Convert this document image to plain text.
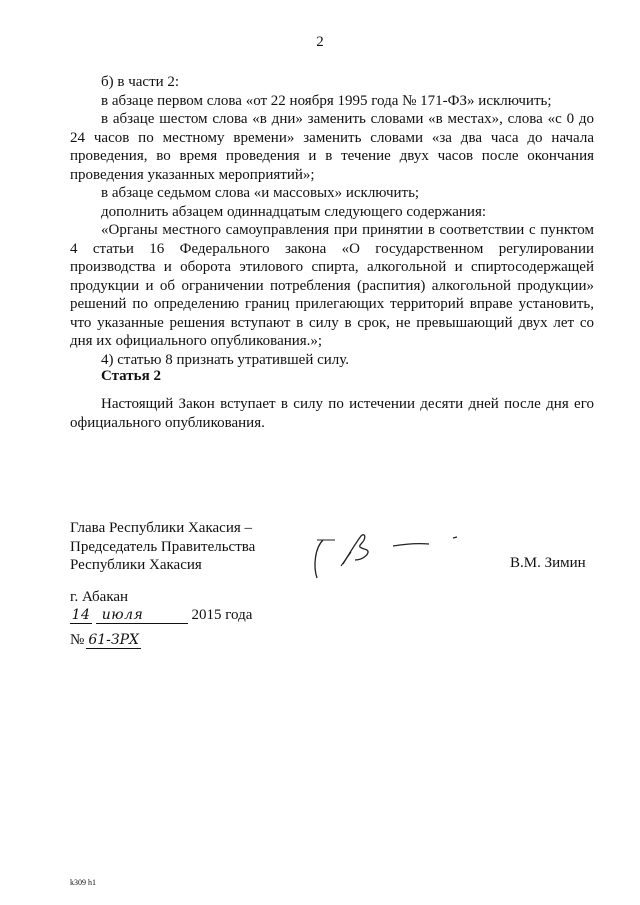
2

б) в части 2:

в абзаце первом слова «от 22 ноября 1995 года № 171-ФЗ» исключить;

в абзаце шестом слова «в дни» заменить словами «в местах», слова «с 0 до 24 часов по местному времени» заменить словами «за два часа до начала проведения, во время проведения и в течение двух часов после окончания проведения указанных мероприятий»;

в абзаце седьмом слова «и массовых» исключить;

дополнить абзацем одиннадцатым следующего содержания:

«Органы местного самоуправления при принятии в соответствии с пунктом 4 статьи 16 Федерального закона «О государственном регулировании производства и оборота этилового спирта, алкогольной и спиртосодержащей продукции и об ограничении потребления (распития) алкогольной продукции» решений по определению границ прилегающих территорий вправе установить, что указанные решения вступают в силу в срок, не превышающий двух лет со дня их официального опубликования.»;

4) статью 8 признать утратившей силу.

Статья 2

Настоящий Закон вступает в силу по истечении десяти дней после дня его официального опубликования.

Глава Республики Хакасия –
Председатель Правительства
Республики Хакасия	В.М. Зимин
г. Абакан
14 июля	2015 года
№ 61-ЗРХ
k309 h1
